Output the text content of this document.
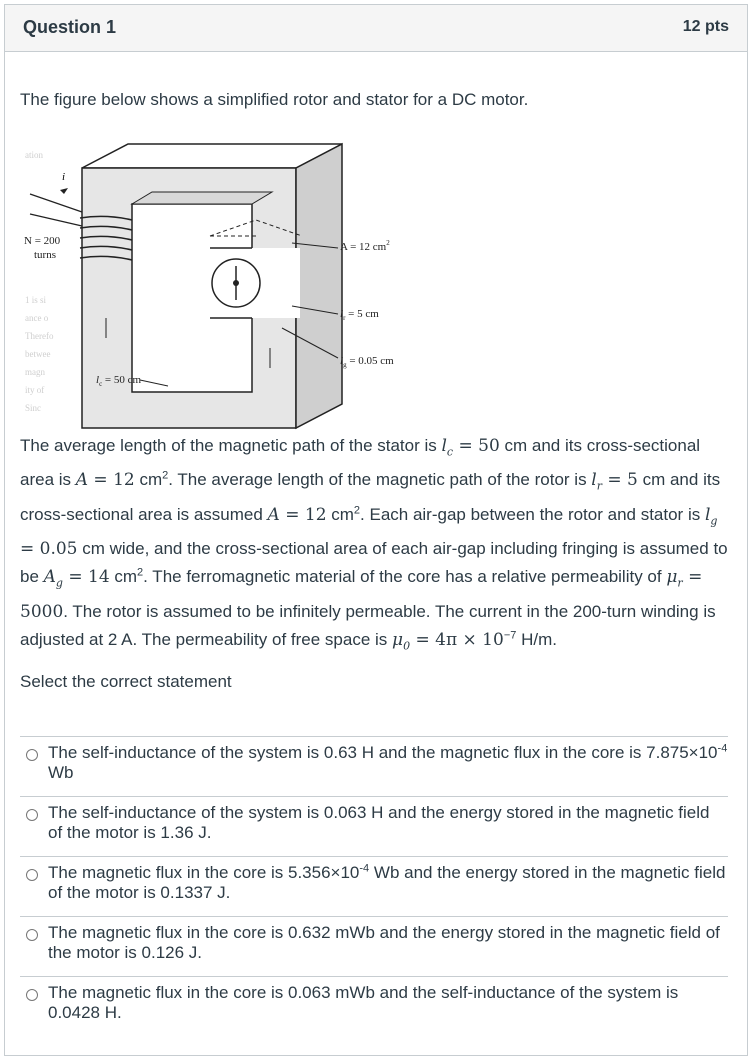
Question 1	12 pts
The figure below shows a simplified rotor and stator for a DC motor.
ation
1 is si
ance o
Therefo
betwee
magn
ity of
Sinc
i
N = 200
turns
A = 12 $cm^2$
$l_r = 5$ cm
$l_g = 0.05$ cm
$l_c = 50$ cm
The average length of the magnetic path of the stator is $l_c = 50$ cm and its cross-sectional area is A = 12 $cm^2$. The average length of the magnetic path of the rotor is $l_r = 5$ cm and its cross-sectional area is assumed A = 12 $cm^2$. Each air-gap between the rotor and stator is $l_g = 0.05$ cm wide, and the cross-sectional area of each air-gap including fringing is assumed to be $A_g = 14$ $cm^2$. The ferromagnetic material of the core has a relative permeability of $\mu_r = 5000$. The rotor is assumed to be infinitely permeable. The current in the 200-turn winding is adjusted at 2 A. The permeability of free space is $\mu_0 = 4\pi \times 10^{-7}$ H/m.
Select the correct statement
The self-inductance of the system is 0.63 H and the magnetic flux in the core is $7.875\times 10^{-4}$ Wb
The self-inductance of the system is 0.063 H and the energy stored in the magnetic field of the motor is 1.36 J.
The magnetic flux in the core is $5.356\times 10^{-4}$ Wb and the energy stored in the magnetic field of the motor is 0.1337 J.
The magnetic flux in the core is 0.632 mWb and the energy stored in the magnetic field of the motor is 0.126 J.
The magnetic flux in the core is 0.063 mWb and the self-inductance of the system is 0.0428 H.
